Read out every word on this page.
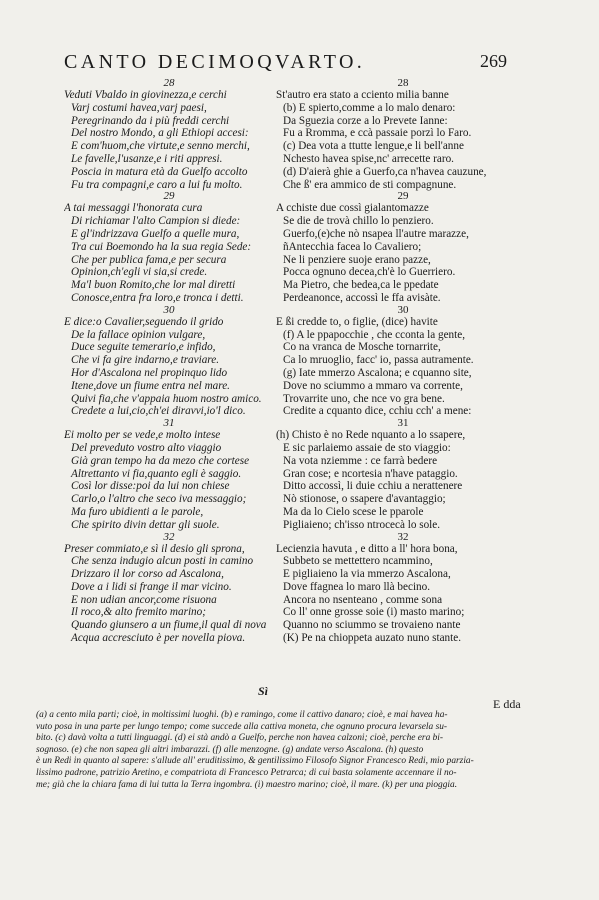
CANTO DECIMOQVARTO.	269
28
Veduti Vbaldo in giovinezza,e cerchi
Varj costumi havea,varj paesi,
Peregrinando da i più freddi cerchi
Del nostro Mondo, a gli Ethiopi accesi:
E com'huom,che virtute,e senno merchi,
Le favelle,l'usanze,e i riti appresi.
Poscia in matura età da Guelfo accolto
Fu tra compagni,e caro a lui fu molto.
29
A tai messaggi l'honorata cura
Di richiamar l'alto Campion si diede:
E gl'indrizzava Guelfo a quelle mura,
Tra cui Boemondo ha la sua regia Sede:
Che per publica fama,e per secura
Opinion,ch'egli vi sia,si crede.
Ma'l buon Romito,che lor mal diretti
Conosce,entra fra loro,e tronca i detti.
30
E dice:o Cavalier,seguendo il grido
De la fallace opinion vulgare,
Duce seguite temerario,e infido,
Che vi fa gire indarno,e traviare.
Hor d'Ascalona nel propinquo lido
Itene,dove un fiume entra nel mare.
Quivi fia,che v'appaia huom nostro amico.
Credete a lui,cio,ch'ei diravvi,io'l dico.
31
Ei molto per se vede,e molto intese
Del preveduto vostro alto viaggio
Già gran tempo ha da mezo che cortese
Altrettanto vi fia,quanto egli è saggio.
Così lor disse:poi da lui non chiese
Carlo,o l'altro che seco iva messaggio;
Ma furo ubidienti a le parole,
Che spirito divin dettar gli suole.
32
Preser commiato,e sì il desio gli sprona,
Che senza indugio alcun posti in camino
Drizzaro il lor corso ad Ascalona,
Dove a i lidi si frange il mar vicino.
E non udian ancor,come risuona
Il roco,& alto fremito marino;
Quando giunsero a un fiume,il qual di nova
Acqua accresciuto è per novella piova.
28
St'autro era stato a cciento milia banne
(b) E spierto,comme a lo malo denaro:
Da Sguezia corze a lo Prevete Ianne:
Fu a Rromma, e ccà passaie porzì lo Faro.
(c) Dea vota a ttutte lengue,e li bell'anne
Nchesto havea spise,nc' arrecette raro.
(d) D'aierà ghie a Guerfo,ca n'havea cauzune,
Che ß' era ammico de sti compagnune.
29
A cchiste due cossì gialantomazze
Se die de trovà chillo lo penziero.
Guerfo,(e)che nò nsapea ll'autre marazze,
ñAntecchia facea lo Cavaliero;
Ne li penziere suoje erano pazze,
Pocca ognuno decea,ch'è lo Guerriero.
Ma Pietro, che bedea,ca le ppedate
Perdeanonce, accossì le ffa avisàte.
30
E ßi credde to, o figlie, (dice) havite
(f) A le ppapocchie , che cconta la gente,
Co na vranca de Mosche tornarrite,
Ca lo mruoglio, facc' io, passa autramente.
(g) Iate mmerzo Ascalona; e cquanno site,
Dove no sciummo a mmaro va corrente,
Trovarrite uno, che nce vo gra bene.
Credite a cquanto dice, cchiu cch' a mene:
31
(h) Chisto è no Rede nquanto a lo ssapere,
E sic parlaiemo assaie de sto viaggio:
Na vota nziemme : ce farrà bedere
Gran cose; e ncortesia n'have pataggio.
Ditto accossì, li duie cchiu a nerattenere
Nò stionose, o ssapere d'avantaggio;
Ma da lo Cielo scese le pparole
Pigliaieno; ch'isso ntrocecà lo sole.
32
Lecienzia havuta , e ditto a ll' hora bona,
Subbeto se mettettero ncammino,
E pigliaieno la via mmerzo Ascalona,
Dove ffagnea lo maro llà becino.
Ancora no nsenteano , comme sona
Co ll' onne grosse soie (i) masto marino;
Quanno no sciummo se trovaieno nante
(K) Pe na chioppeta auzato nuno stante.
Sì
E dda
(a) a cento mila parti; cioè, in moltissimi luoghi. (b) e ramingo, come il cattivo danaro; cioè, e mai havea ha-
vuto posa in una parte per lungo tempo; come succede alla cattiva moneta, che ognuno procura levarsela su-
bito. (c) davà volta a tutti linguaggi. (d) ei stà andò a Guelfo, perche non havea calzoni; cioè, perche era bi-
sognoso. (e) che non sapea gli altri imbarazzi. (f) alle menzogne. (g) andate verso Ascalona. (h) questo
è un Redi in quanto al sapere: s'allude all' eruditissimo, & gentilissimo Filosofo Signor Francesco Redi, mio parzia-
lissimo padrone, patrizio Aretino, e compatriota di Francesco Petrarca; di cui basta solamente accennare il no-
me; già che la chiara fama di lui tutta la Terra ingombra. (i) maestro marino; cioè, il mare. (k) per una pioggia.
